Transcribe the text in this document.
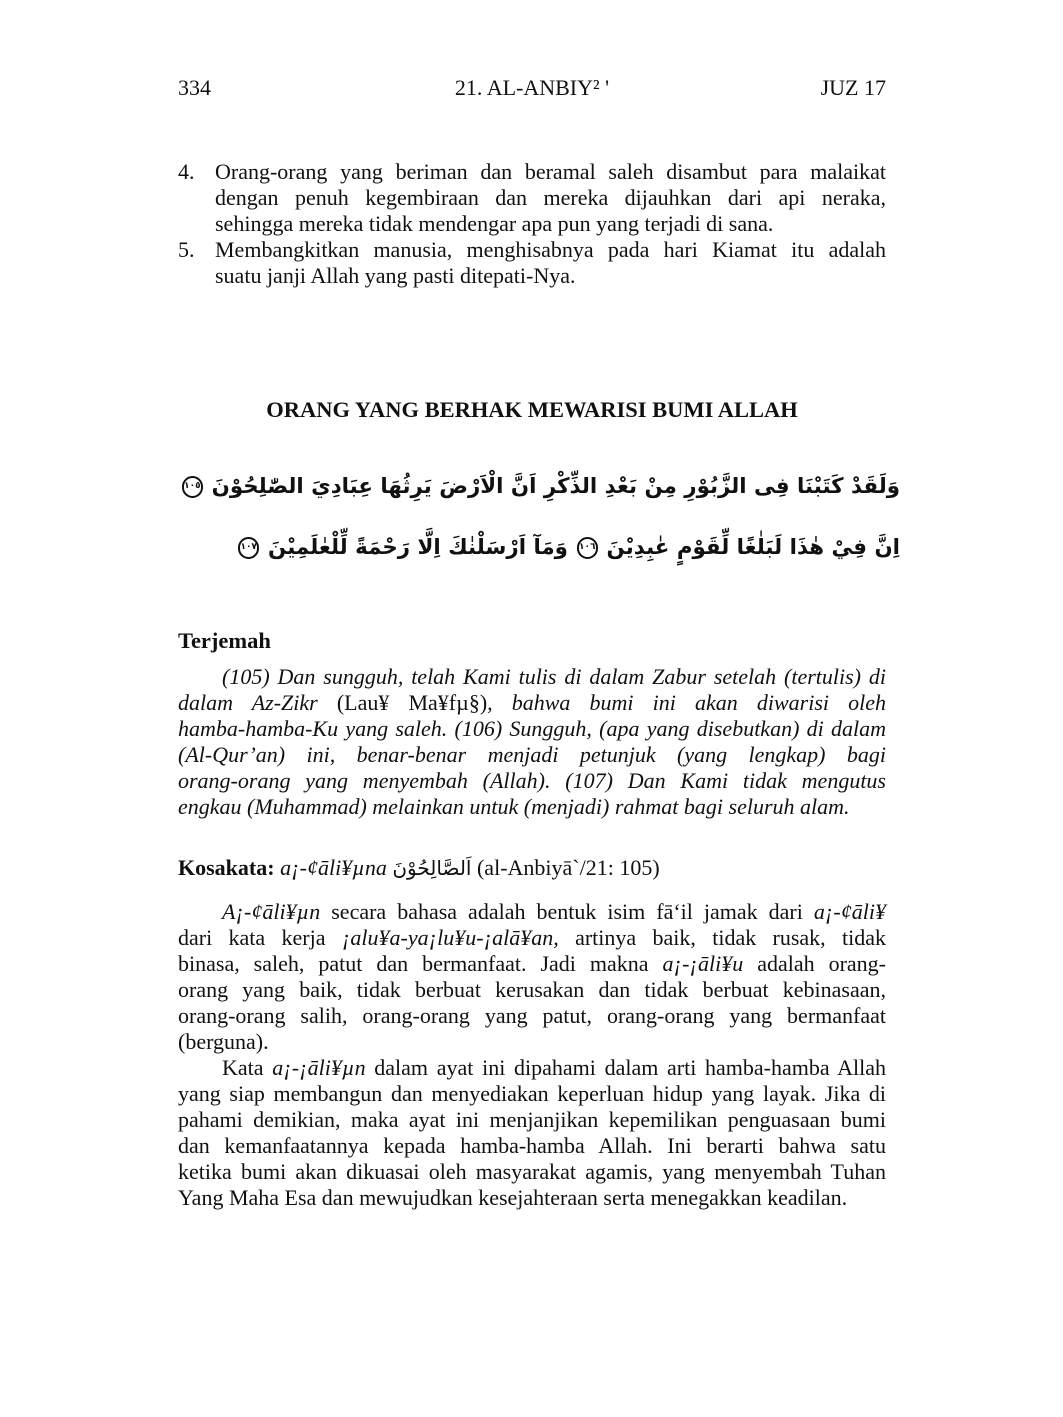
334	21. AL-ANBIY² '	JUZ 17
4. Orang-orang yang beriman dan beramal saleh disambut para malaikat
dengan penuh kegembiraan dan mereka dijauhkan dari api neraka,
sehingga mereka tidak mendengar apa pun yang terjadi di sana.
5. Membangkitkan manusia, menghisabnya pada hari Kiamat itu adalah
suatu janji Allah yang pasti ditepati-Nya.
ORANG YANG BERHAK MEWARISI BUMI ALLAH
وَلَقَدْ كَتَبْنَا فِى الزَّبُوْرِ مِنْ بَعْدِ الذِّكْرِ اَنَّ الْاَرْضَ يَرِثُهَا عِبَادِيَ الصّٰلِحُوْنَ ١٠٥
اِنَّ فِيْ هٰذَا لَبَلٰغًا لِّقَوْمٍ عٰبِدِيْنَ ١٠٦ وَمَآ اَرْسَلْنٰكَ اِلَّا رَحْمَةً لِّلْعٰلَمِيْنَ ١٠٧
Terjemah
(105) Dan sungguh, telah Kami tulis di dalam Zabur setelah (tertulis) di
dalam Az-Zikr (Lau¥ Ma¥fµ§), bahwa bumi ini akan diwarisi oleh
hamba-hamba-Ku yang saleh. (106) Sungguh, (apa yang disebutkan) di dalam
(Al-Qur’an) ini, benar-benar menjadi petunjuk (yang lengkap) bagi
orang-orang yang menyembah (Allah). (107) Dan Kami tidak mengutus
engkau (Muhammad) melainkan untuk (menjadi) rahmat bagi seluruh alam.
Kosakata: a¡-¢āli¥µna اَلصَّالِحُوْنَ (al-Anbiyā`/21: 105)
A¡-¢āli¥µn secara bahasa adalah bentuk isim fā‘il jamak dari a¡-¢āli¥
dari kata kerja ¡alu¥a-ya¡lu¥u-¡alā¥an, artinya baik, tidak rusak, tidak
binasa, saleh, patut dan bermanfaat. Jadi makna a¡-¡āli¥u adalah orang-
orang yang baik, tidak berbuat kerusakan dan tidak berbuat kebinasaan,
orang-orang salih, orang-orang yang patut, orang-orang yang bermanfaat
(berguna).
Kata a¡-¡āli¥µn dalam ayat ini dipahami dalam arti hamba-hamba Allah
yang siap membangun dan menyediakan keperluan hidup yang layak. Jika di
pahami demikian, maka ayat ini menjanjikan kepemilikan penguasaan bumi
dan kemanfaatannya kepada hamba-hamba Allah. Ini berarti bahwa satu
ketika bumi akan dikuasai oleh masyarakat agamis, yang menyembah Tuhan
Yang Maha Esa dan mewujudkan kesejahteraan serta menegakkan keadilan.
